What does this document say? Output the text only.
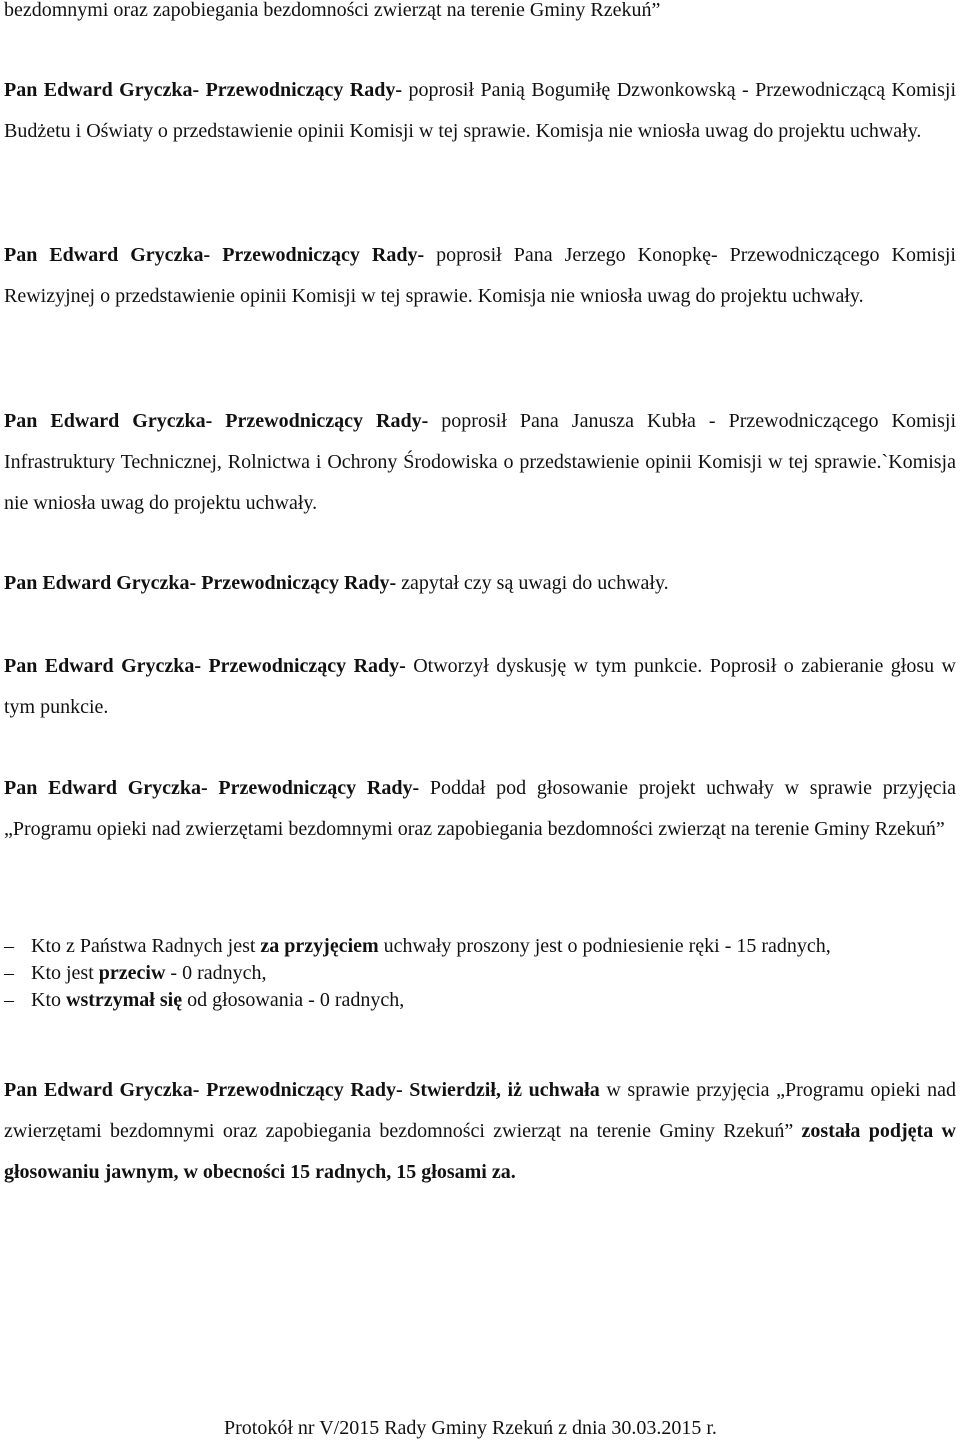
bezdomnymi oraz zapobiegania bezdomności zwierząt na terenie Gminy Rzekuń”

Pan Edward Gryczka- Przewodniczący Rady- poprosił Panią Bogumiłę Dzwonkowską - Przewodniczącą Komisji Budżetu i Oświaty o przedstawienie opinii Komisji w tej sprawie. Komisja nie wniosła uwag do projektu uchwały.

Pan Edward Gryczka- Przewodniczący Rady- poprosił Pana Jerzego Konopkę- Przewodniczącego Komisji Rewizyjnej o przedstawienie opinii Komisji w tej sprawie. Komisja nie wniosła uwag do projektu uchwały.

Pan Edward Gryczka- Przewodniczący Rady- poprosił Pana Janusza Kubła - Przewodniczącego Komisji Infrastruktury Technicznej, Rolnictwa i Ochrony Środowiska o przedstawienie opinii Komisji w tej sprawie.`Komisja nie wniosła uwag do projektu uchwały.

Pan Edward Gryczka- Przewodniczący Rady- zapytał czy są uwagi do uchwały.

Pan Edward Gryczka- Przewodniczący Rady- Otworzył dyskusję w tym punkcie. Poprosił o zabieranie głosu w tym punkcie.

Pan Edward Gryczka- Przewodniczący Rady- Poddał pod głosowanie projekt uchwały w sprawie przyjęcia „Programu opieki nad zwierzętami bezdomnymi oraz zapobiegania bezdomności zwierząt na terenie Gminy Rzekuń”

– Kto z Państwa Radnych jest za przyjęciem uchwały proszony jest o podniesienie ręki - 15 radnych,
– Kto jest przeciw - 0 radnych,
– Kto wstrzymał się od głosowania - 0 radnych,

Pan Edward Gryczka- Przewodniczący Rady- Stwierdził, iż uchwała w sprawie przyjęcia „Programu opieki nad zwierzętami bezdomnymi oraz zapobiegania bezdomności zwierząt na terenie Gminy Rzekuń” została podjęta w głosowaniu jawnym, w obecności 15 radnych, 15 głosami za.

Protokół nr V/2015 Rady Gminy Rzekuń z dnia 30.03.2015 r.
